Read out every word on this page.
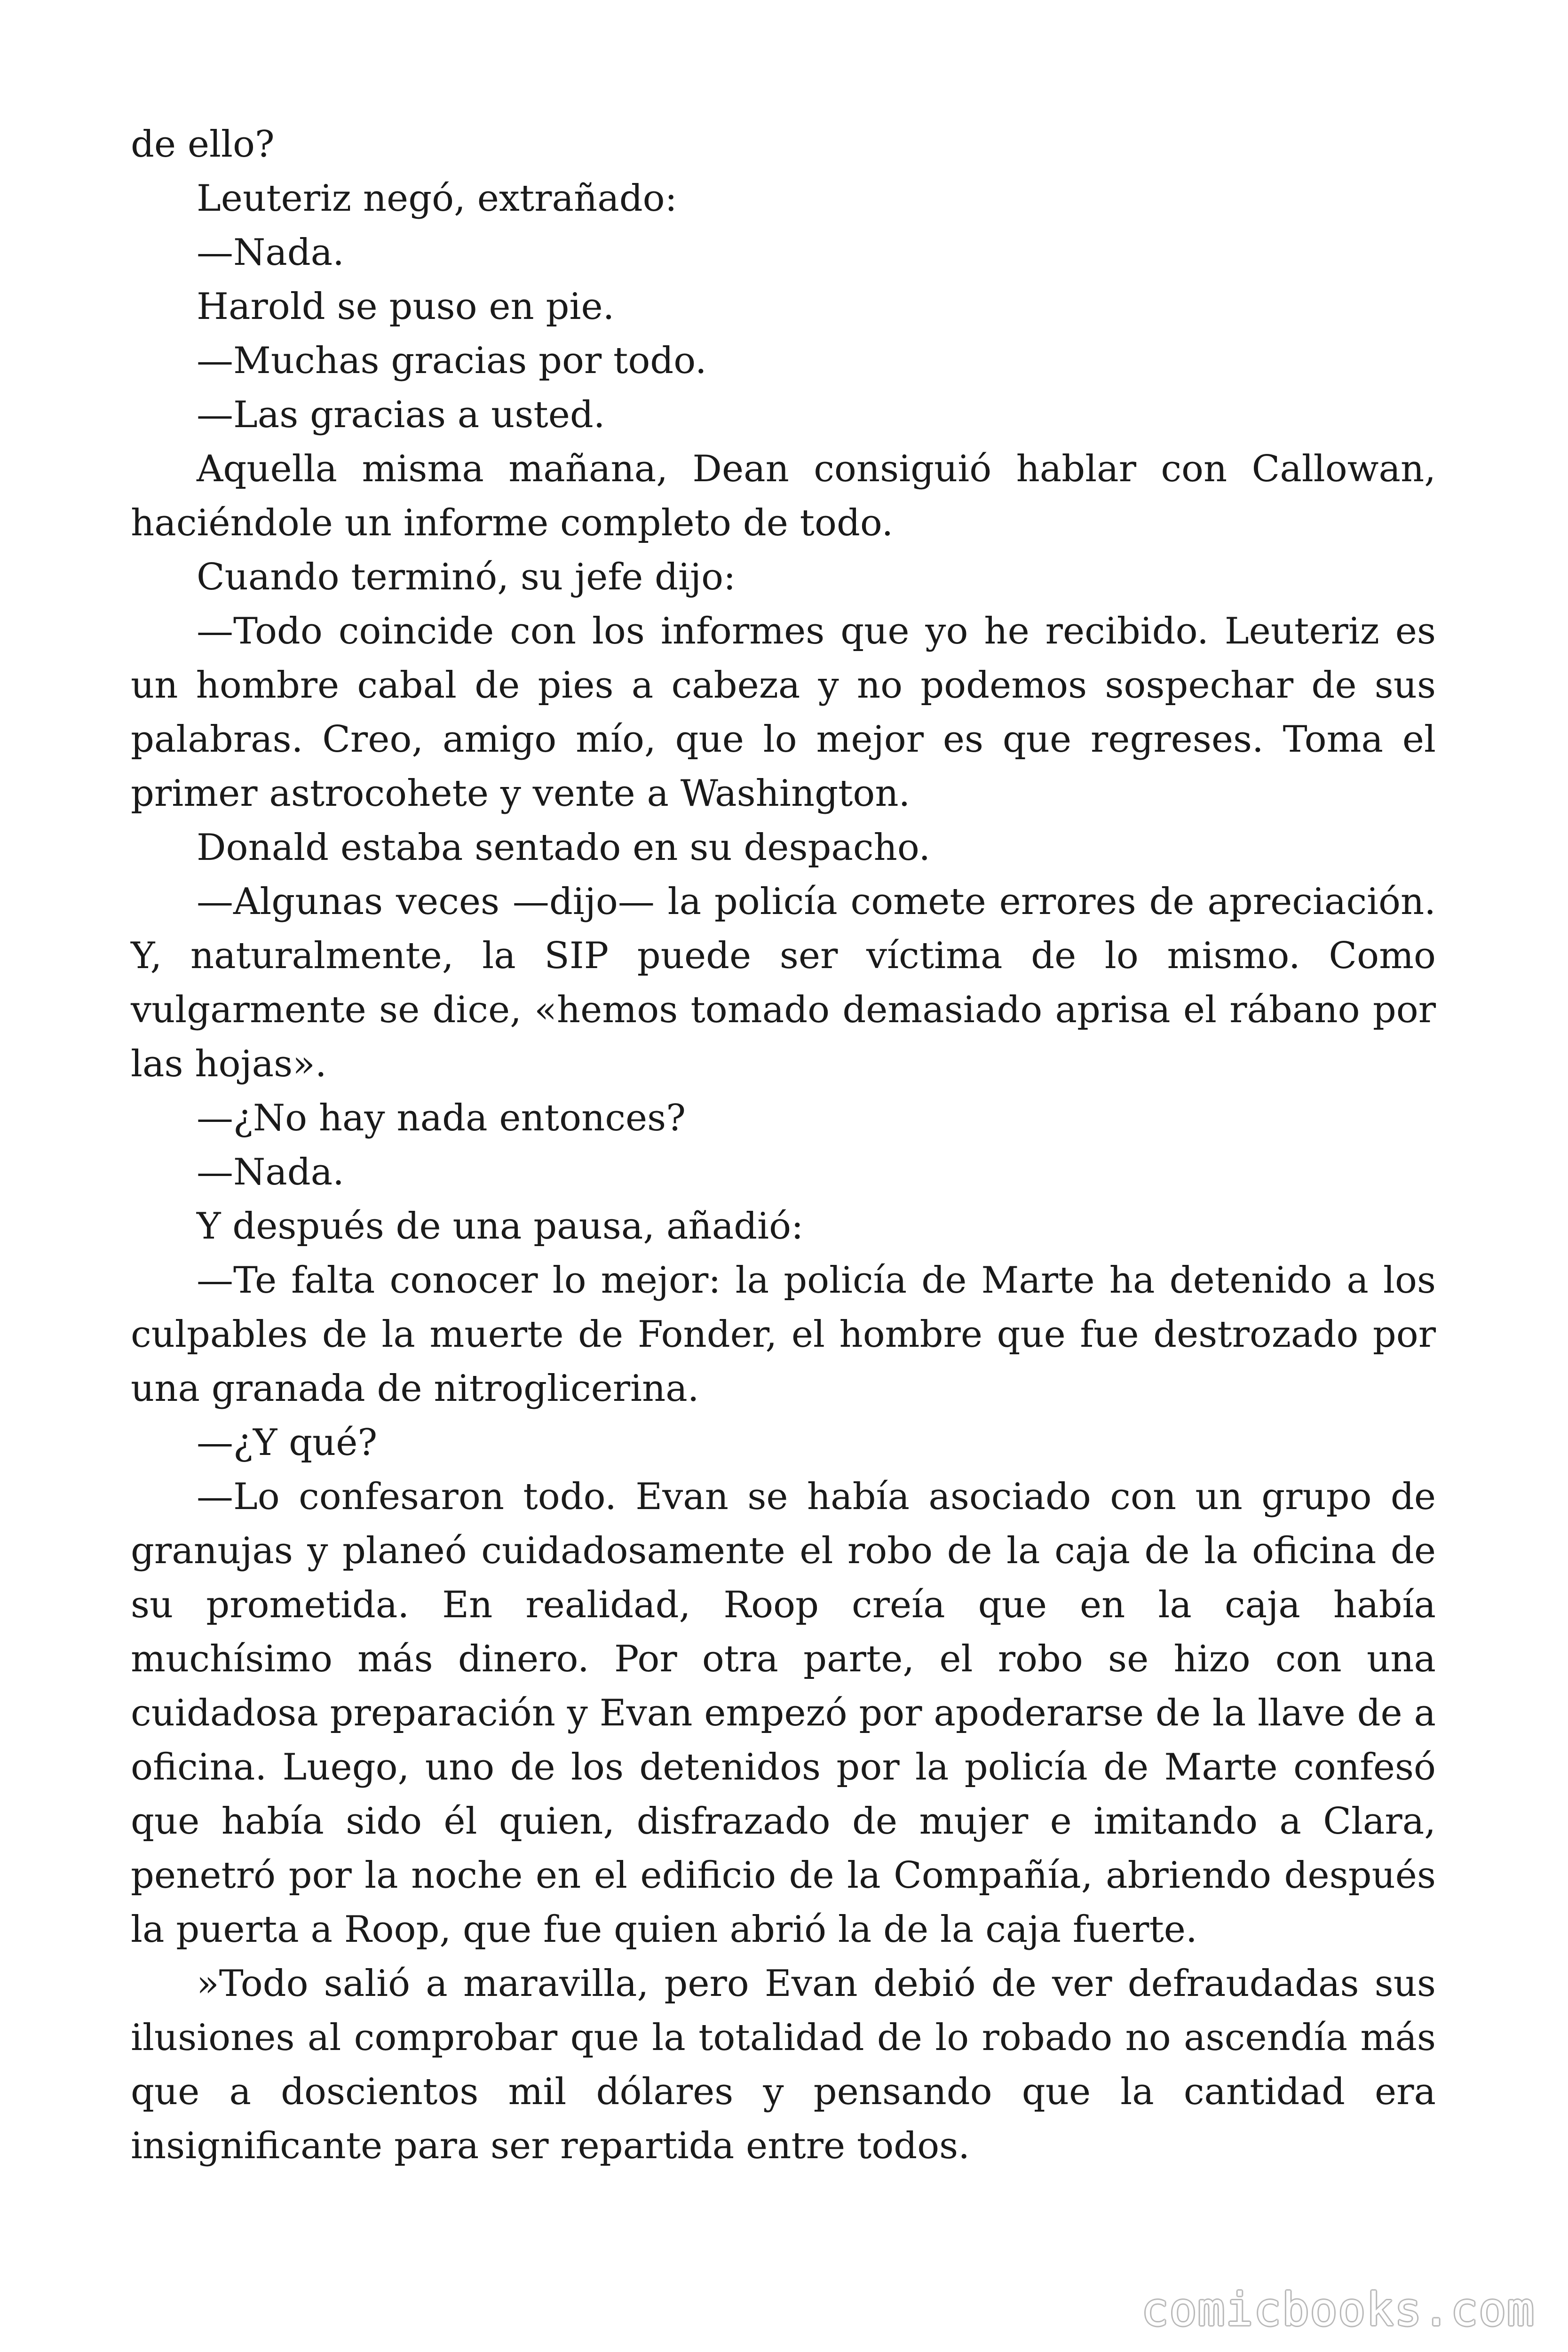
de ello?

Leuteriz negó, extrañado:

—Nada.

Harold se puso en pie.

—Muchas gracias por todo.

—Las gracias a usted.

Aquella misma mañana, Dean consiguió hablar con Callowan, haciéndole un informe completo de todo.

Cuando terminó, su jefe dijo:

—Todo coincide con los informes que yo he recibido. Leuteriz es un hombre cabal de pies a cabeza y no podemos sospechar de sus palabras. Creo, amigo mío, que lo mejor es que regreses. Toma el primer astrocohete y vente a Washington.

Donald estaba sentado en su despacho.

—Algunas veces —dijo— la policía comete errores de apreciación. Y, naturalmente, la SIP puede ser víctima de lo mismo. Como vulgarmente se dice, «hemos tomado demasiado aprisa el rábano por las hojas».

—¿No hay nada entonces?

—Nada.

Y después de una pausa, añadió:

—Te falta conocer lo mejor: la policía de Marte ha detenido a los culpables de la muerte de Fonder, el hombre que fue destrozado por una granada de nitroglicerina.

—¿Y qué?

—Lo confesaron todo. Evan se había asociado con un grupo de granujas y planeó cuidadosamente el robo de la caja de la oficina de su prometida. En realidad, Roop creía que en la caja había muchísimo más dinero. Por otra parte, el robo se hizo con una cuidadosa preparación y Evan empezó por apoderarse de la llave de a oficina. Luego, uno de los detenidos por la policía de Marte confesó que había sido él quien, disfrazado de mujer e imitando a Clara, penetró por la noche en el edificio de la Compañía, abriendo después la puerta a Roop, que fue quien abrió la de la caja fuerte.

»Todo salió a maravilla, pero Evan debió de ver defraudadas sus ilusiones al comprobar que la totalidad de lo robado no ascendía más que a doscientos mil dólares y pensando que la cantidad era insignificante para ser repartida entre todos.

comicbooks.com
